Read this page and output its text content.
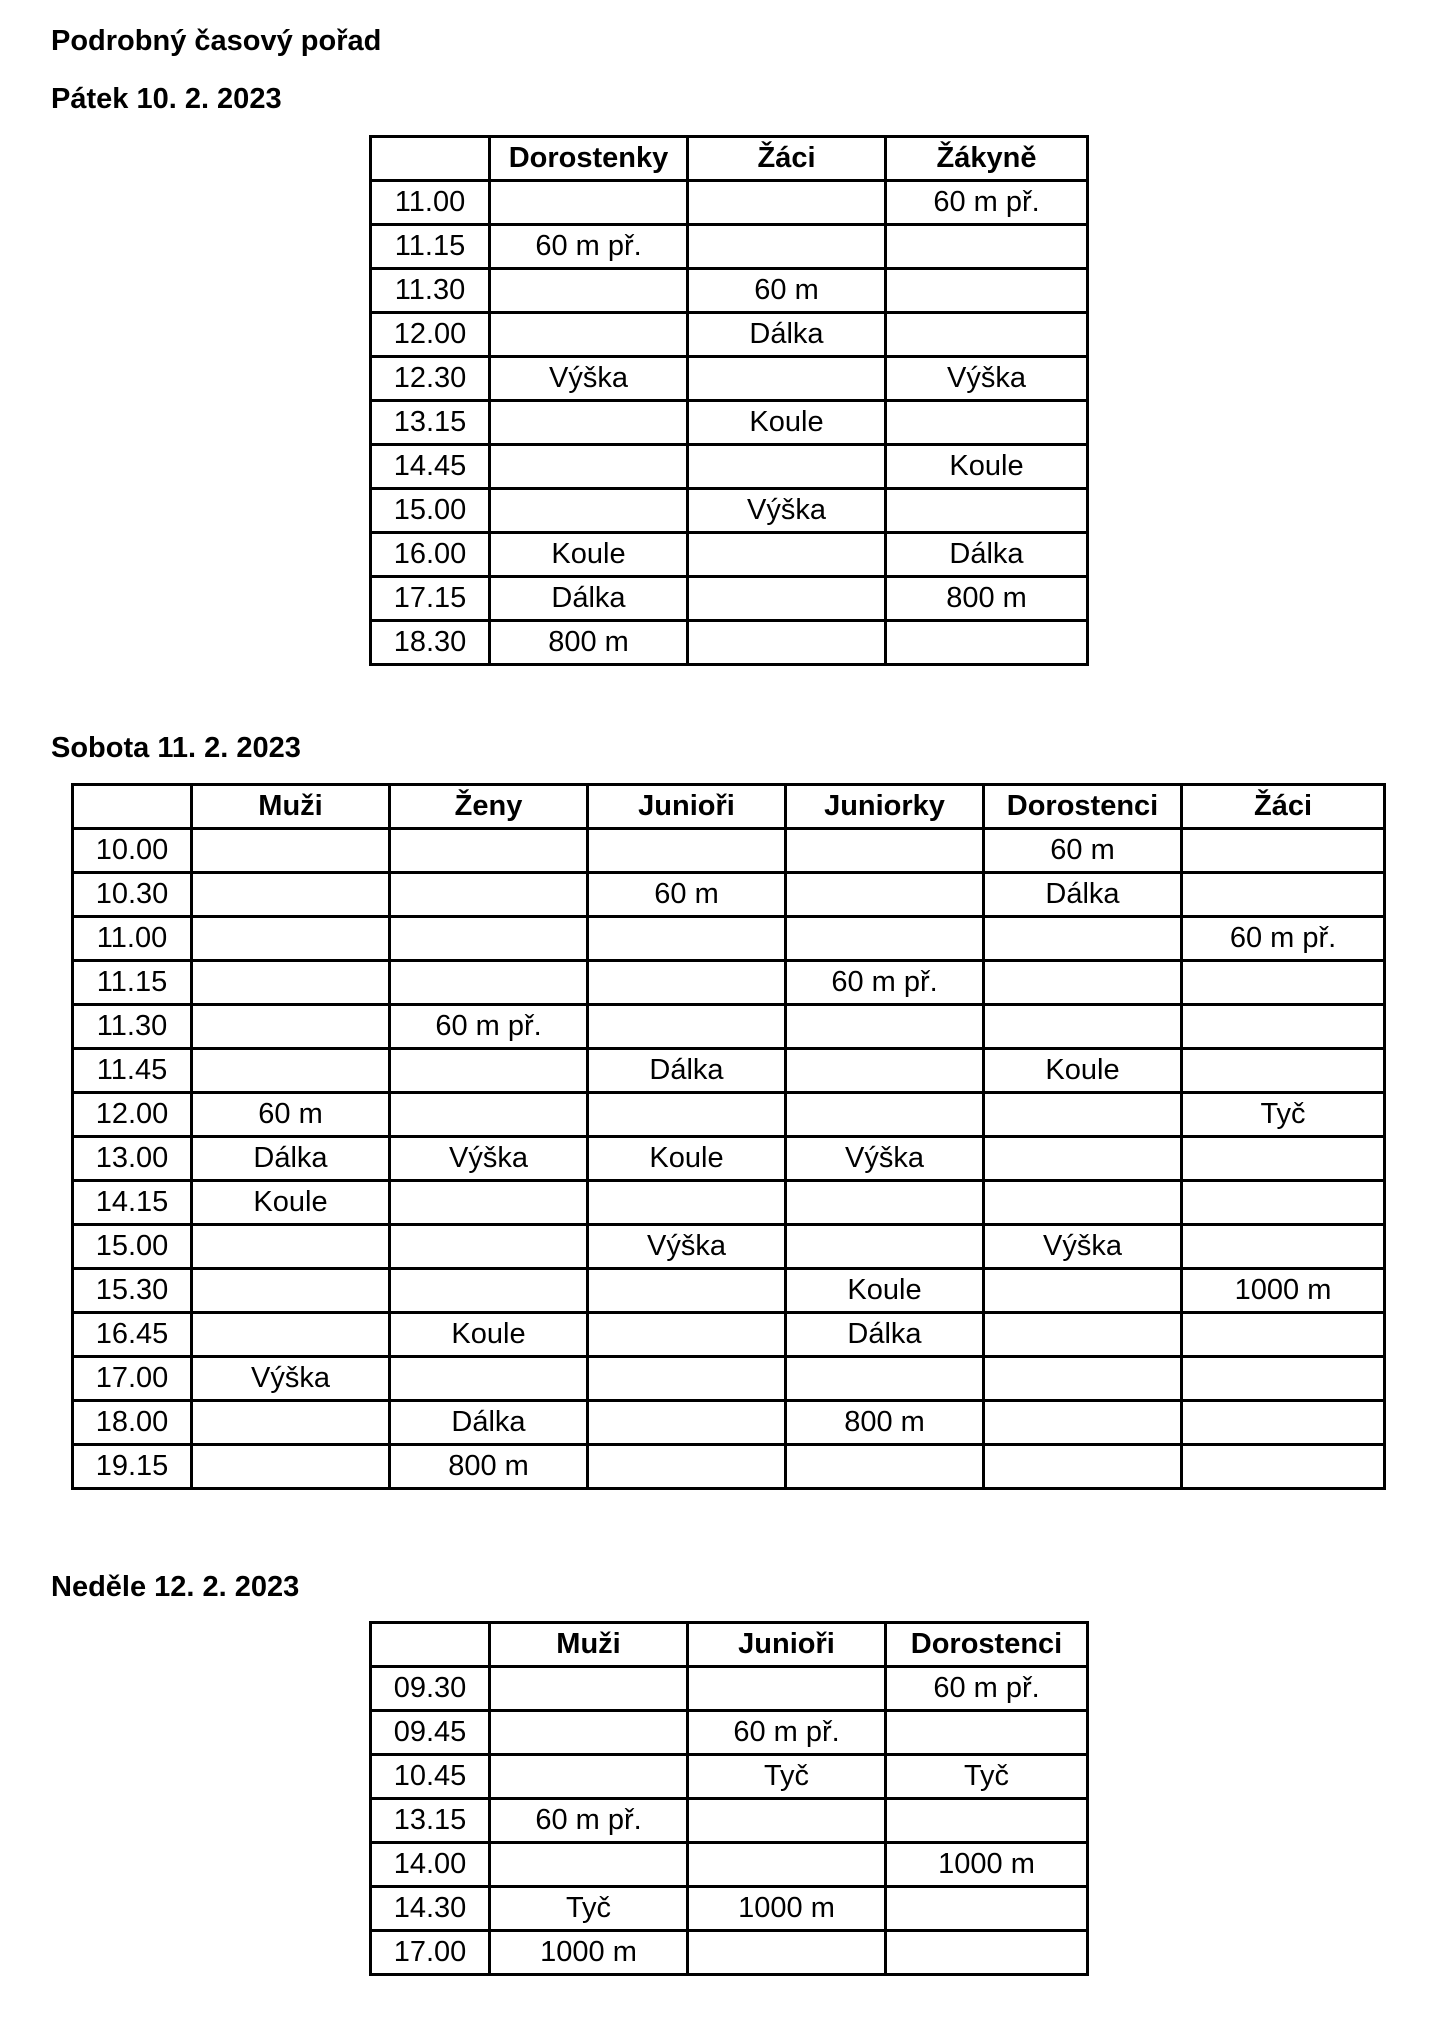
Podrobný časový pořad
Pátek 10. 2. 2023
	Dorostenky	Žáci	Žákyně
11.00			60 m př.
11.15	60 m př.		
11.30		60 m	
12.00		Dálka	
12.30	Výška		Výška
13.15		Koule	
14.45			Koule
15.00		Výška	
16.00	Koule		Dálka
17.15	Dálka		800 m
18.30	800 m		
Sobota 11. 2. 2023
	Muži	Ženy	Junioři	Juniorky	Dorostenci	Žáci
10.00					60 m	
10.30			60 m		Dálka	
11.00						60 m př.
11.15				60 m př.		
11.30		60 m př.				
11.45			Dálka		Koule	
12.00	60 m					Tyč
13.00	Dálka	Výška	Koule	Výška		
14.15	Koule					
15.00			Výška		Výška	
15.30				Koule		1000 m
16.45		Koule		Dálka		
17.00	Výška					
18.00		Dálka		800 m		
19.15		800 m				
Neděle 12. 2. 2023
	Muži	Junioři	Dorostenci
09.30			60 m př.
09.45		60 m př.	
10.45		Tyč	Tyč
13.15	60 m př.		
14.00			1000 m
14.30	Tyč	1000 m	
17.00	1000 m		
